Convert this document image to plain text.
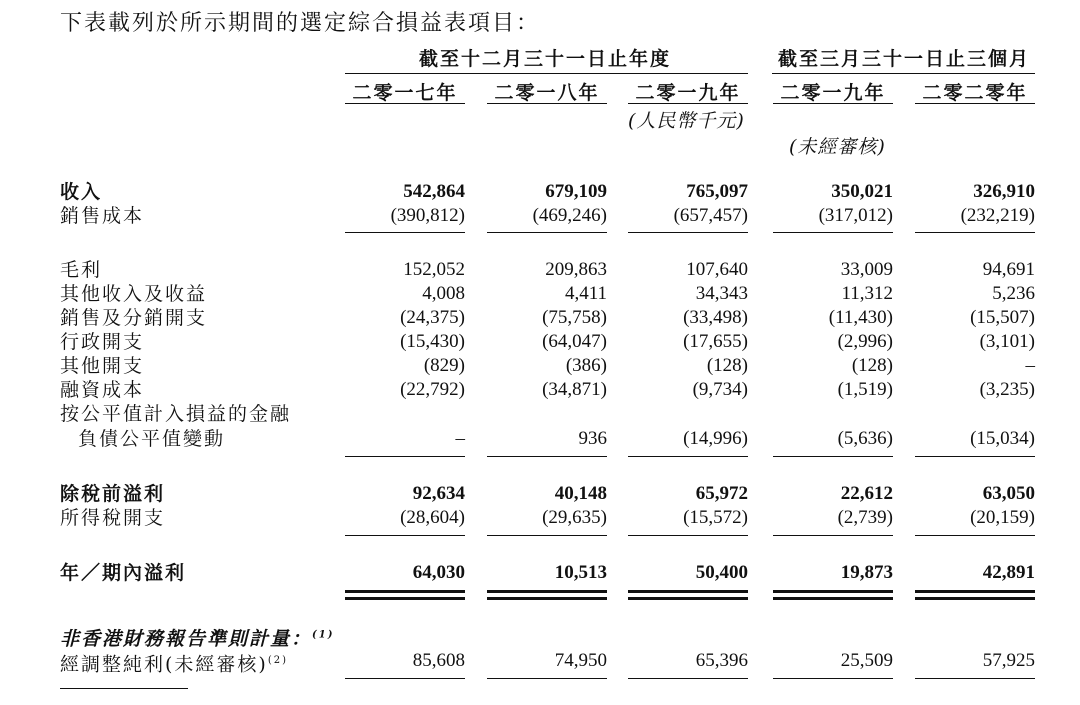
下表載列於所示期間的選定綜合損益表項目：
截至十二月三十一日止年度	截至三月三十一日止三個月
二零一七年	二零一八年	二零一九年	二零一九年	二零二零年
(人民幣千元)
(未經審核)
收入	542,864	679,109	765,097	350,021	326,910
銷售成本	(390,812)	(469,246)	(657,457)	(317,012)	(232,219)
毛利	152,052	209,863	107,640	33,009	94,691
其他收入及收益	4,008	4,411	34,343	11,312	5,236
銷售及分銷開支	(24,375)	(75,758)	(33,498)	(11,430)	(15,507)
行政開支	(15,430)	(64,047)	(17,655)	(2,996)	(3,101)
其他開支	(829)	(386)	(128)	(128)	–
融資成本	(22,792)	(34,871)	(9,734)	(1,519)	(3,235)
按公平值計入損益的金融
負債公平值變動	–	936	(14,996)	(5,636)	(15,034)
除稅前溢利	92,634	40,148	65,972	22,612	63,050
所得稅開支	(28,604)	(29,635)	(15,572)	(2,739)	(20,159)
年／期內溢利	64,030	10,513	50,400	19,873	42,891
非香港財務報告準則計量：$^{(1)}$
經調整純利(未經審核)$^{(2)}$	85,608	74,950	65,396	25,509	57,925
